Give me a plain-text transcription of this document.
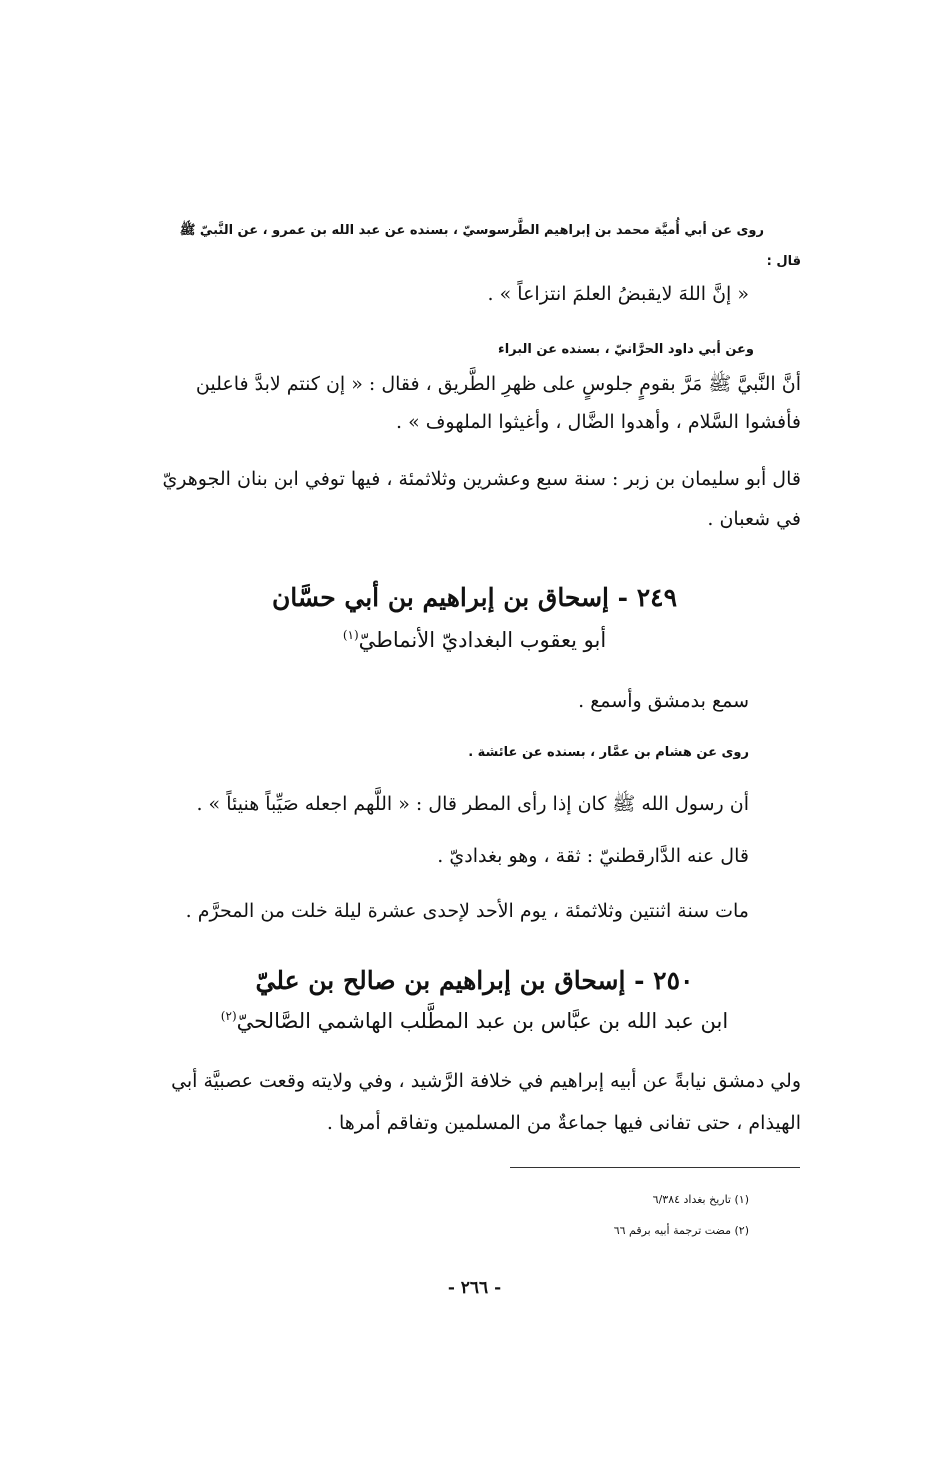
روى عن أبي أُميَّة محمد بن إبراهيم الطَّرسوسيّ ، بسنده عن عبد الله بن عمرو ، عن النَّبيّ ﷺ
قال :
« إنَّ اللهَ لايقبضُ العلمَ انتزاعاً » .
وعن أبي داود الحرَّانيّ ، بسنده عن البراء
أنَّ النَّبيَّ ﷺ مَرَّ بقومٍ جلوسٍ على ظهرِ الطَّريق ، فقال : « إن كنتم لابدَّ فاعلين
فأفشوا السَّلام ، وأهدوا الضَّال ، وأغيثوا الملهوف » .
قال أبو سليمان بن زبر : سنة سبع وعشرين وثلاثمئة ، فيها توفي ابن بنان الجوهريّ
في شعبان .
٢٤٩ - إسحاق بن إبراهيم بن أبي حسَّان
أبو يعقوب البغداديّ الأنماطيّ$^{(١)}$
سمع بدمشق وأسمع .
روى عن هشام بن عمَّار ، بسنده عن عائشة .
أن رسول الله ﷺ كان إذا رأى المطر قال : « اللَّهم اجعله صَيِّباً هنيئاً » .
قال عنه الدَّارقطنيّ : ثقة ، وهو بغداديّ .
مات سنة اثنتين وثلاثمئة ، يوم الأحد لإحدى عشرة ليلة خلت من المحرَّم .
٢٥٠ - إسحاق بن إبراهيم بن صالح بن عليّ
ابن عبد الله بن عبَّاس بن عبد المطَّلب الهاشمي الصَّالحيّ$^{(٢)}$
ولي دمشق نيابةً عن أبيه إبراهيم في خلافة الرَّشيد ، وفي ولايته وقعت عصبيَّة أبي
الهيذام ، حتى تفانى فيها جماعةٌ من المسلمين وتفاقم أمرها .
(١) تاريخ بغداد ٦/٣٨٤
(٢) مضت ترجمة أبيه برقم ٦٦
- ٢٦٦ -
